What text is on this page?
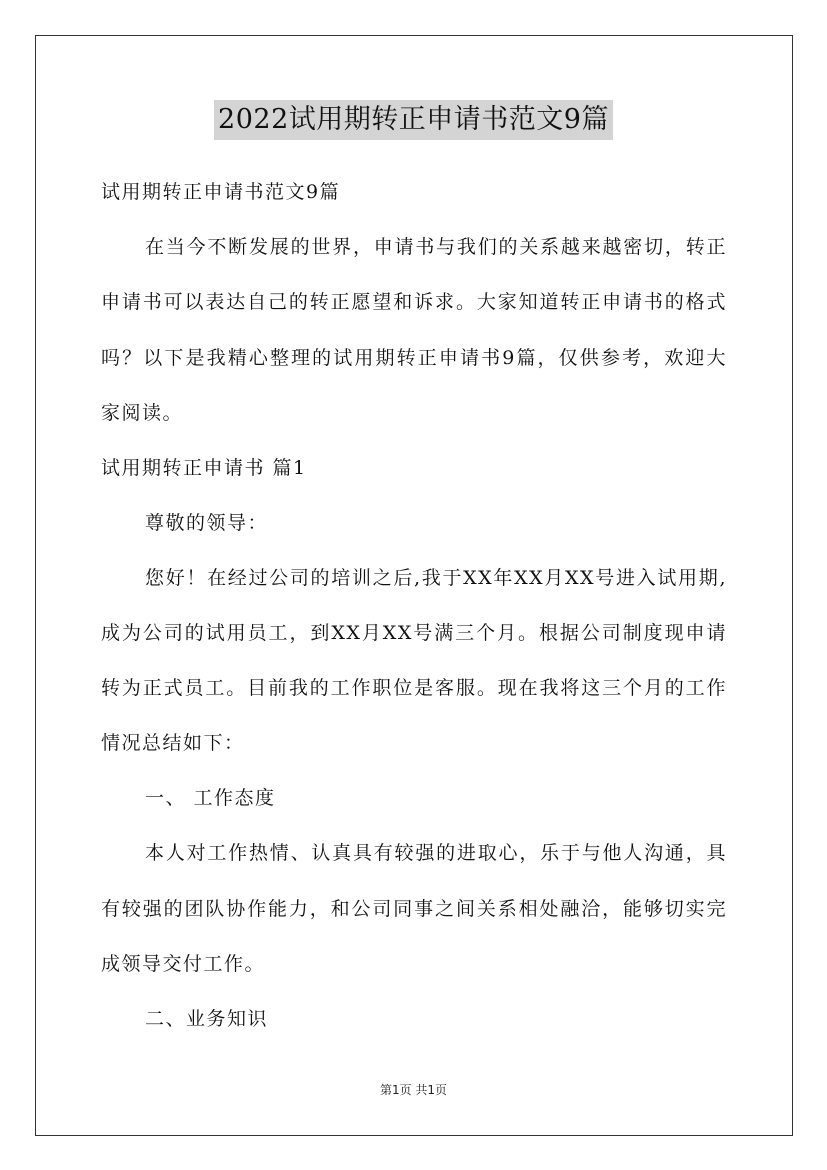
2022试用期转正申请书范文9篇
试用期转正申请书范文9篇
在当今不断发展的世界，申请书与我们的关系越来越密切，转正
申请书可以表达自己的转正愿望和诉求。大家知道转正申请书的格式
吗？以下是我精心整理的试用期转正申请书9篇，仅供参考，欢迎大
家阅读。
试用期转正申请书 篇1
尊敬的领导：
您好！在经过公司的培训之后,我于XX年XX月XX号进入试用期,
成为公司的试用员工，到XX月XX号满三个月。根据公司制度现申请
转为正式员工。目前我的工作职位是客服。现在我将这三个月的工作
情况总结如下：
一、 工作态度
本人对工作热情、认真具有较强的进取心，乐于与他人沟通，具
有较强的团队协作能力，和公司同事之间关系相处融洽，能够切实完
成领导交付工作。
二、业务知识
第1页 共1页
